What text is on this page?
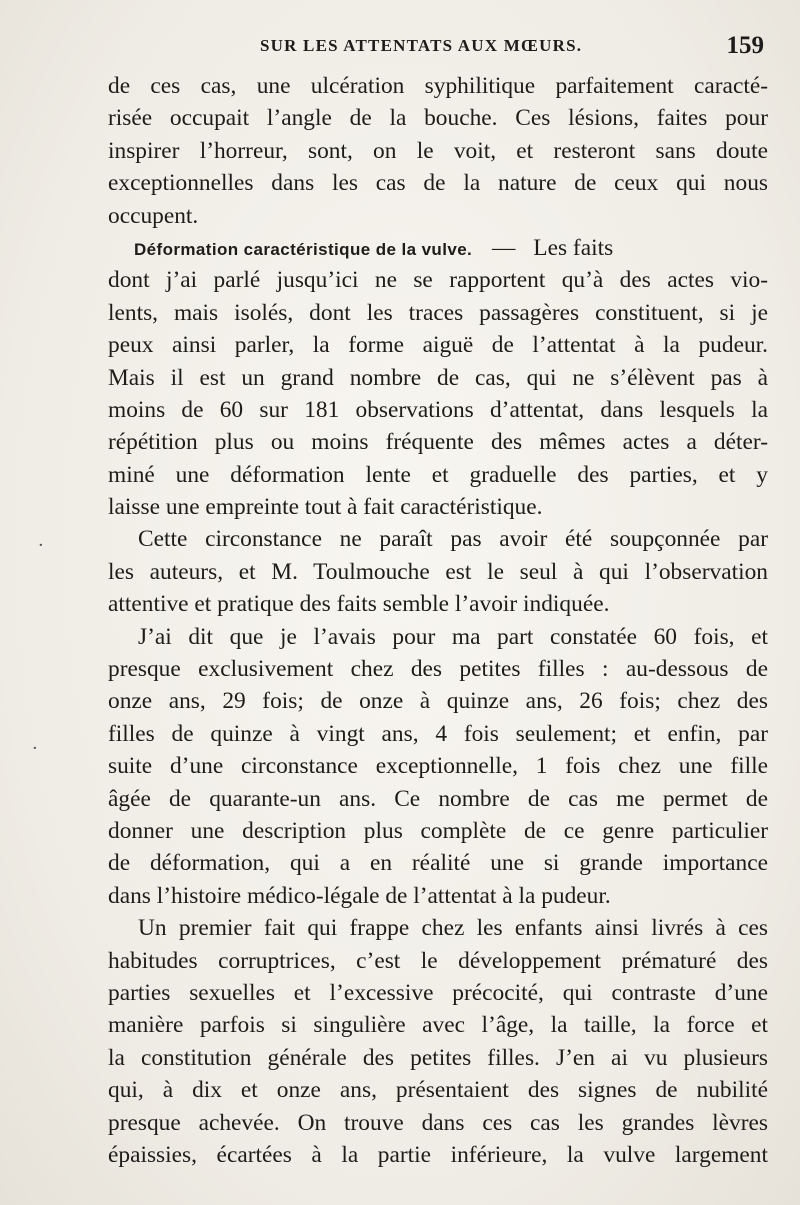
SUR LES ATTENTATS AUX MŒURS.	159
·
·
de ces cas, une ulcération syphilitique parfaitement caracté-
risée occupait l’angle de la bouche. Ces lésions, faites pour
inspirer l’horreur, sont, on le voit, et resteront sans doute
exceptionnelles dans les cas de la nature de ceux qui nous
occupent.
Déformation caractéristique de la vulve. — Les faits
dont j’ai parlé jusqu’ici ne se rapportent qu’à des actes vio-
lents, mais isolés, dont les traces passagères constituent, si je
peux ainsi parler, la forme aiguë de l’attentat à la pudeur.
Mais il est un grand nombre de cas, qui ne s’élèvent pas à
moins de 60 sur 181 observations d’attentat, dans lesquels la
répétition plus ou moins fréquente des mêmes actes a déter-
miné une déformation lente et graduelle des parties, et y
laisse une empreinte tout à fait caractéristique.
Cette circonstance ne paraît pas avoir été soupçonnée par
les auteurs, et M. Toulmouche est le seul à qui l’observation
attentive et pratique des faits semble l’avoir indiquée.
J’ai dit que je l’avais pour ma part constatée 60 fois, et
presque exclusivement chez des petites filles : au-dessous de
onze ans, 29 fois; de onze à quinze ans, 26 fois; chez des
filles de quinze à vingt ans, 4 fois seulement; et enfin, par
suite d’une circonstance exceptionnelle, 1 fois chez une fille
âgée de quarante-un ans. Ce nombre de cas me permet de
donner une description plus complète de ce genre particulier
de déformation, qui a en réalité une si grande importance
dans l’histoire médico-légale de l’attentat à la pudeur.
Un premier fait qui frappe chez les enfants ainsi livrés à ces
habitudes corruptrices, c’est le développement prématuré des
parties sexuelles et l’excessive précocité, qui contraste d’une
manière parfois si singulière avec l’âge, la taille, la force et
la constitution générale des petites filles. J’en ai vu plusieurs
qui, à dix et onze ans, présentaient des signes de nubilité
presque achevée. On trouve dans ces cas les grandes lèvres
épaissies, écartées à la partie inférieure, la vulve largement
